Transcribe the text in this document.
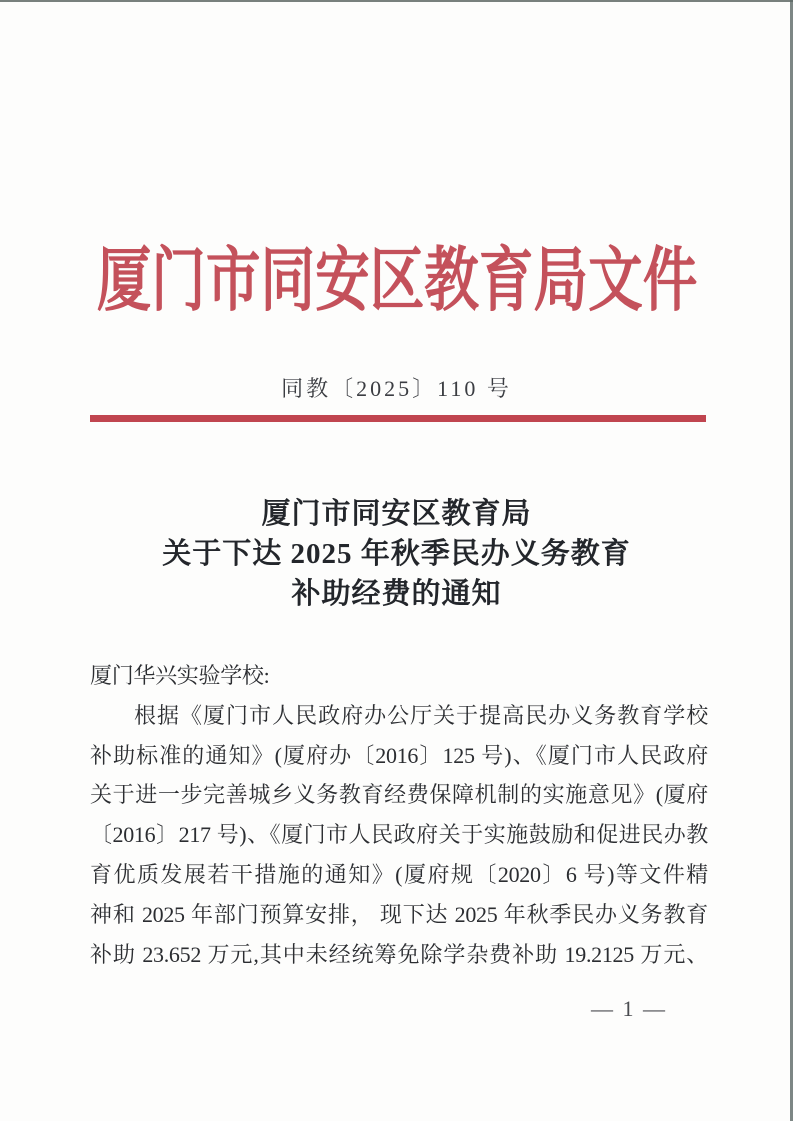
厦门市同安区教育局文件
同教〔2025〕110 号
厦门市同安区教育局
关于下达 2025 年秋季民办义务教育
补助经费的通知
厦门华兴实验学校:
根据《厦门市人民政府办公厅关于提高民办义务教育学校
补助标准的通知》(厦府办〔2016〕125 号)、《厦门市人民政府
关于进一步完善城乡义务教育经费保障机制的实施意见》(厦府
〔2016〕217 号)、《厦门市人民政府关于实施鼓励和促进民办教
育优质发展若干措施的通知》(厦府规〔2020〕6 号)等文件精
神和 2025 年部门预算安排， 现下达 2025 年秋季民办义务教育
补助 23.652 万元,其中未经统筹免除学杂费补助 19.2125 万元、
— 1 —
